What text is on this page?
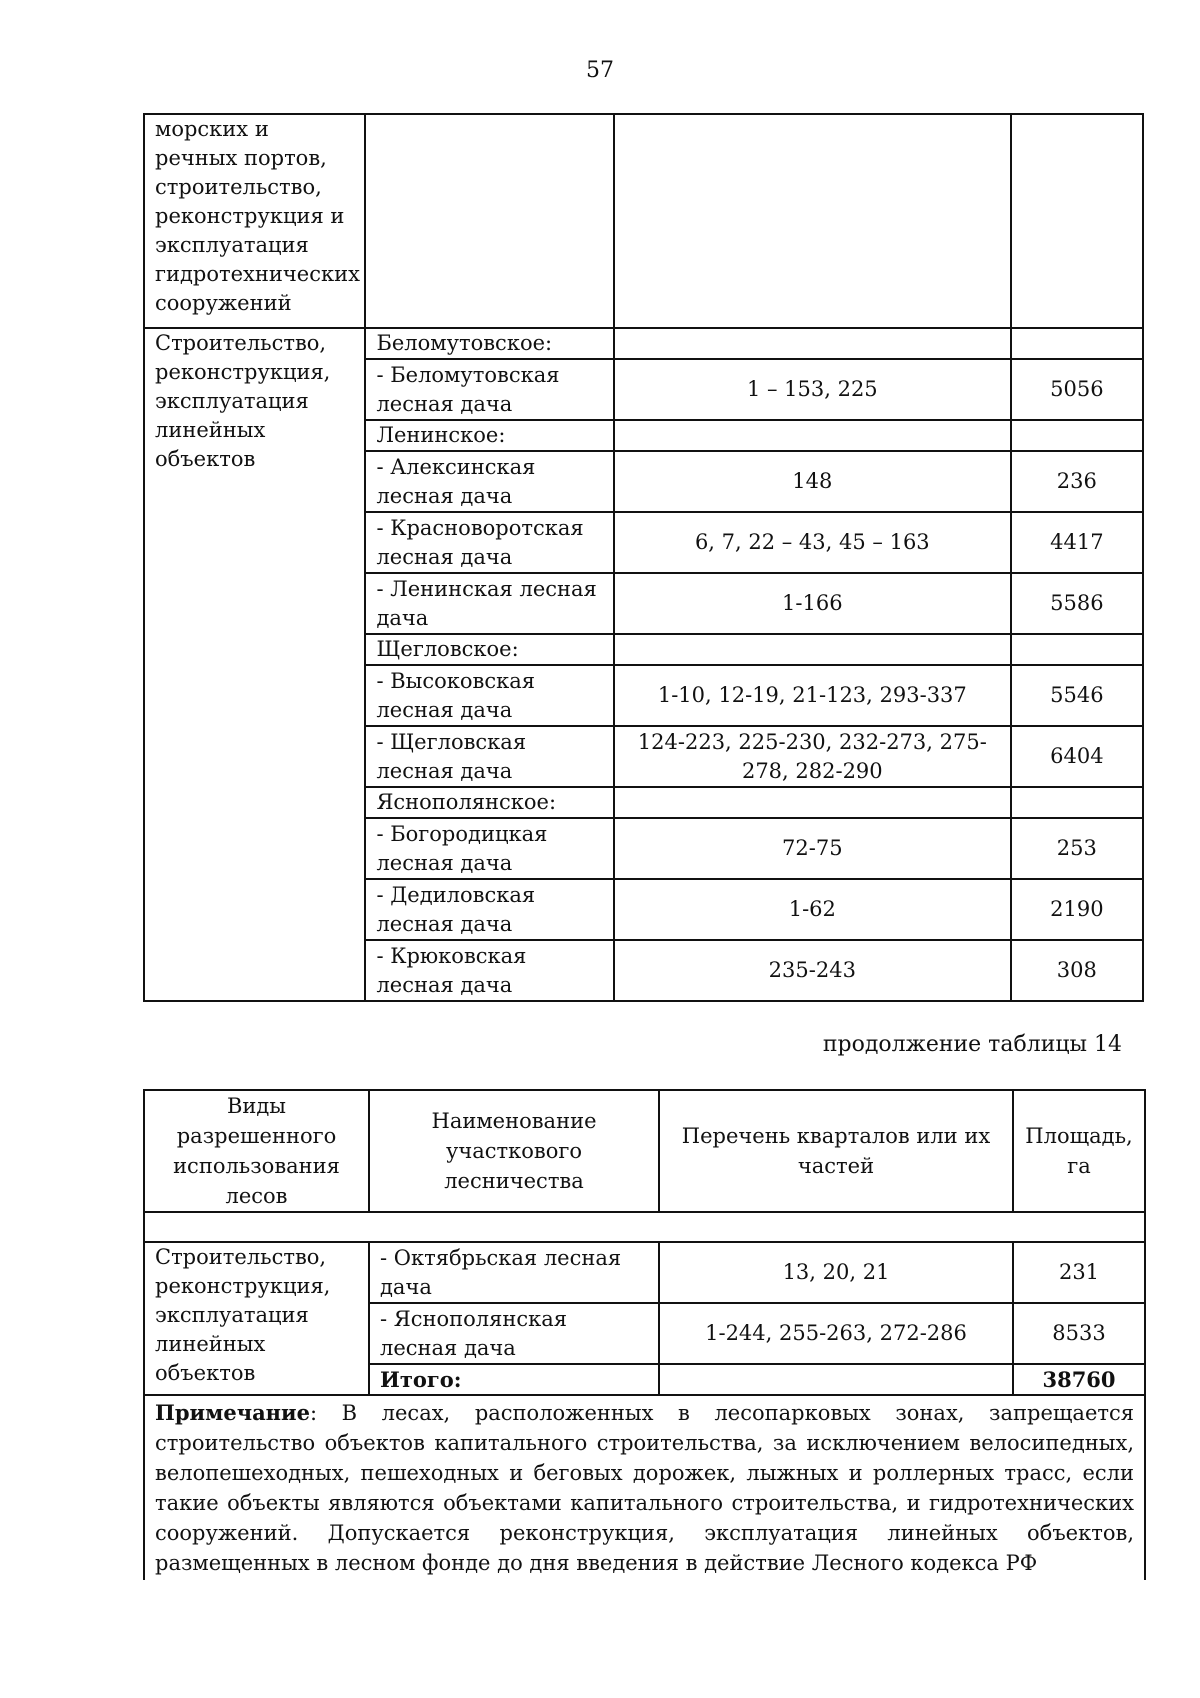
57
морских и речных портов, строительство, реконструкция и эксплуатация гидротехнических сооружений			
Строительство, реконструкция, эксплуатация линейных объектов	Беломутовское:		
	- Беломутовская лесная дача	1 – 153, 225	5056
	Ленинское:		
	- Алексинская лесная дача	148	236
	- Красноворотская лесная дача	6, 7, 22 – 43, 45 – 163	4417
	- Ленинская лесная дача	1-166	5586
	Щегловское:		
	- Высоковская лесная дача	1-10, 12-19, 21-123, 293-337	5546
	- Щегловская лесная дача	124-223, 225-230, 232-273, 275-278, 282-290	6404
	Яснополянское:		
	- Богородицкая лесная дача	72-75	253
	- Дедиловская лесная дача	1-62	2190
	- Крюковская лесная дача	235-243	308
продолжение таблицы 14
Виды разрешенного использования лесов	Наименование участкового лесничества	Перечень кварталов или их частей	Площадь, га

Строительство, реконструкция, эксплуатация линейных объектов	- Октябрьская лесная дача	13, 20, 21	231
	- Яснополянская лесная дача	1-244, 255-263, 272-286	8533
	Итого:		38760
Примечание: В лесах, расположенных в лесопарковых зонах, запрещается строительство объектов капитального строительства, за исключением велосипедных, велопешеходных, пешеходных и беговых дорожек, лыжных и роллерных трасс, если такие объекты являются объектами капитального строительства, и гидротехнических сооружений. Допускается реконструкция, эксплуатация линейных объектов, размещенных в лесном фонде до дня введения в действие Лесного кодекса РФ			
